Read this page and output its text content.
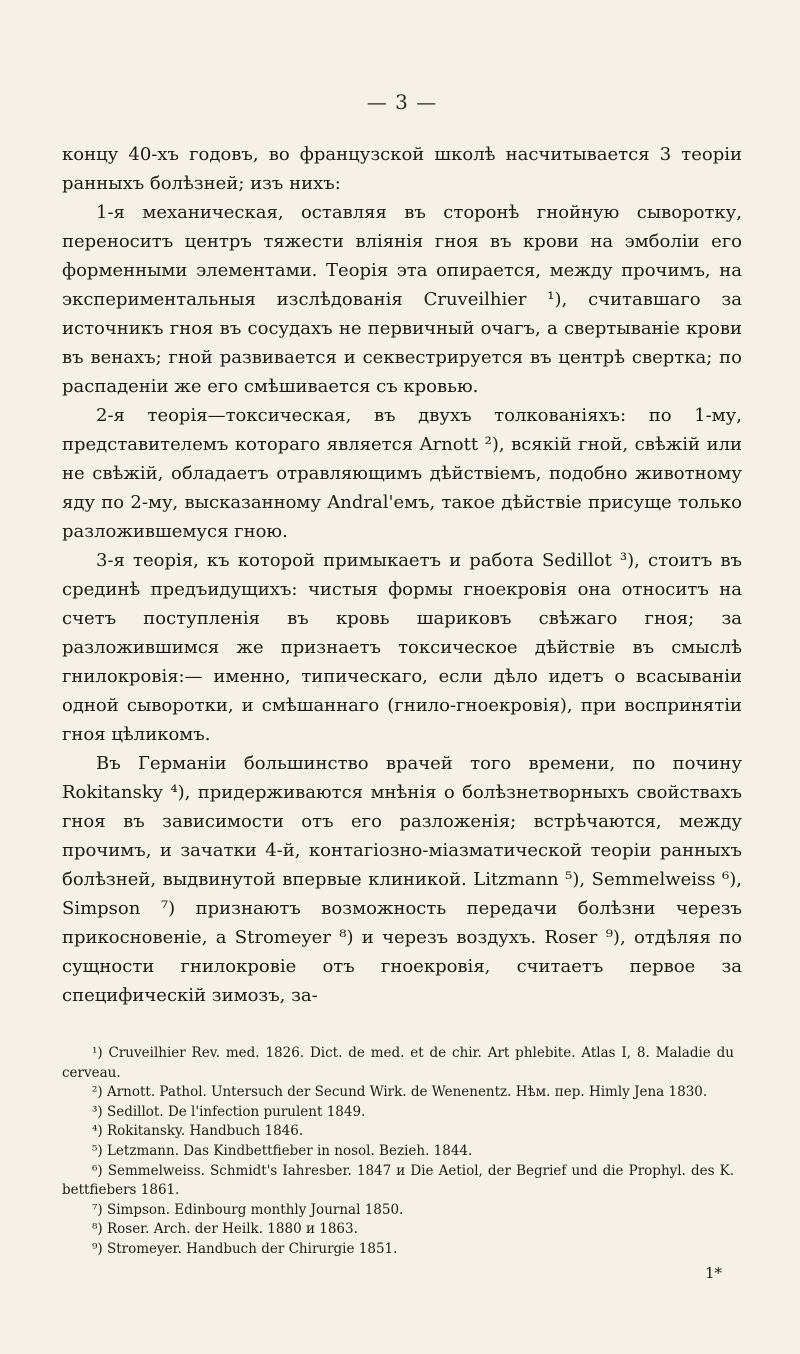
— 3 —

концу 40-хъ годовъ, во французской школѣ насчитывается 3 теоріи ранныхъ болѣзней; изъ нихъ:

1-я механическая, оставляя въ сторонѣ гнойную сыворотку, переноситъ центръ тяжести вліянія гноя въ крови на эмболіи его форменными элементами. Теорія эта опирается, между прочимъ, на экспериментальныя изслѣдованія Cruveilhier ¹), считавшаго за источникъ гноя въ сосудахъ не первичный очагъ, а свертываніе крови въ венахъ; гной развивается и секвестрируется въ центрѣ свертка; по распаденіи же его смѣшивается съ кровью.

2-я теорія—токсическая, въ двухъ толкованіяхъ: по 1-му, представителемъ котораго является Arnott ²), всякій гной, свѣжій или не свѣжій, обладаетъ отравляющимъ дѣйствіемъ, подобно животному яду по 2-му, высказанному Andral'емъ, такое дѣйствіе присуще только разложившемуся гною.

3-я теорія, къ которой примыкаетъ и работа Sedillot ³), стоитъ въ срединѣ предъидущихъ: чистыя формы гноекровія она относитъ на счетъ поступленія въ кровь шариковъ свѣжаго гноя; за разложившимся же признаетъ токсическое дѣйствіе въ смыслѣ гнилокровія:— именно, типическаго, если дѣло идетъ о всасываніи одной сыворотки, и смѣшаннаго (гнило-гноекровія), при воспринятіи гноя цѣликомъ.

Въ Германіи большинство врачей того времени, по почину Rokitansky ⁴), придерживаются мнѣнія о болѣзнетворныхъ свойствахъ гноя въ зависимости отъ его разложенія; встрѣчаются, между прочимъ, и зачатки 4-й, контагіозно-міазматической теоріи ранныхъ болѣзней, выдвинутой впервые клиникой. Litzmann ⁵), Semmelweiss ⁶), Simpson ⁷) признаютъ возможность передачи болѣзни черезъ прикосновеніе, а Stromeyer ⁸) и черезъ воздухъ. Roser ⁹), отдѣляя по сущности гнилокровіе отъ гноекровія, считаетъ первое за специфическій зимозъ, за-

¹) Cruveilhier Rev. med. 1826. Dict. de med. et de chir. Art phlebite. Atlas I, 8. Maladie du cerveau.

²) Arnott. Pathol. Untersuch der Secund Wirk. de Wenenentz. Нѣм. пер. Himly Jena 1830.

³) Sedillot. De l'infection purulent 1849.

⁴) Rokitansky. Handbuch 1846.

⁵) Letzmann. Das Kindbettfieber in nosol. Beziеh. 1844.

⁶) Semmelweiss. Schmidt's Iahresber. 1847 и Die Aetiol, der Begrief und die Prophyl. des K. bettfiebers 1861.

⁷) Simpson. Edinbourg monthly Journal 1850.

⁸) Roser. Arch. der Heilk. 1880 и 1863.

⁹) Stromeyer. Handbuch der Chirurgie 1851.

1*
